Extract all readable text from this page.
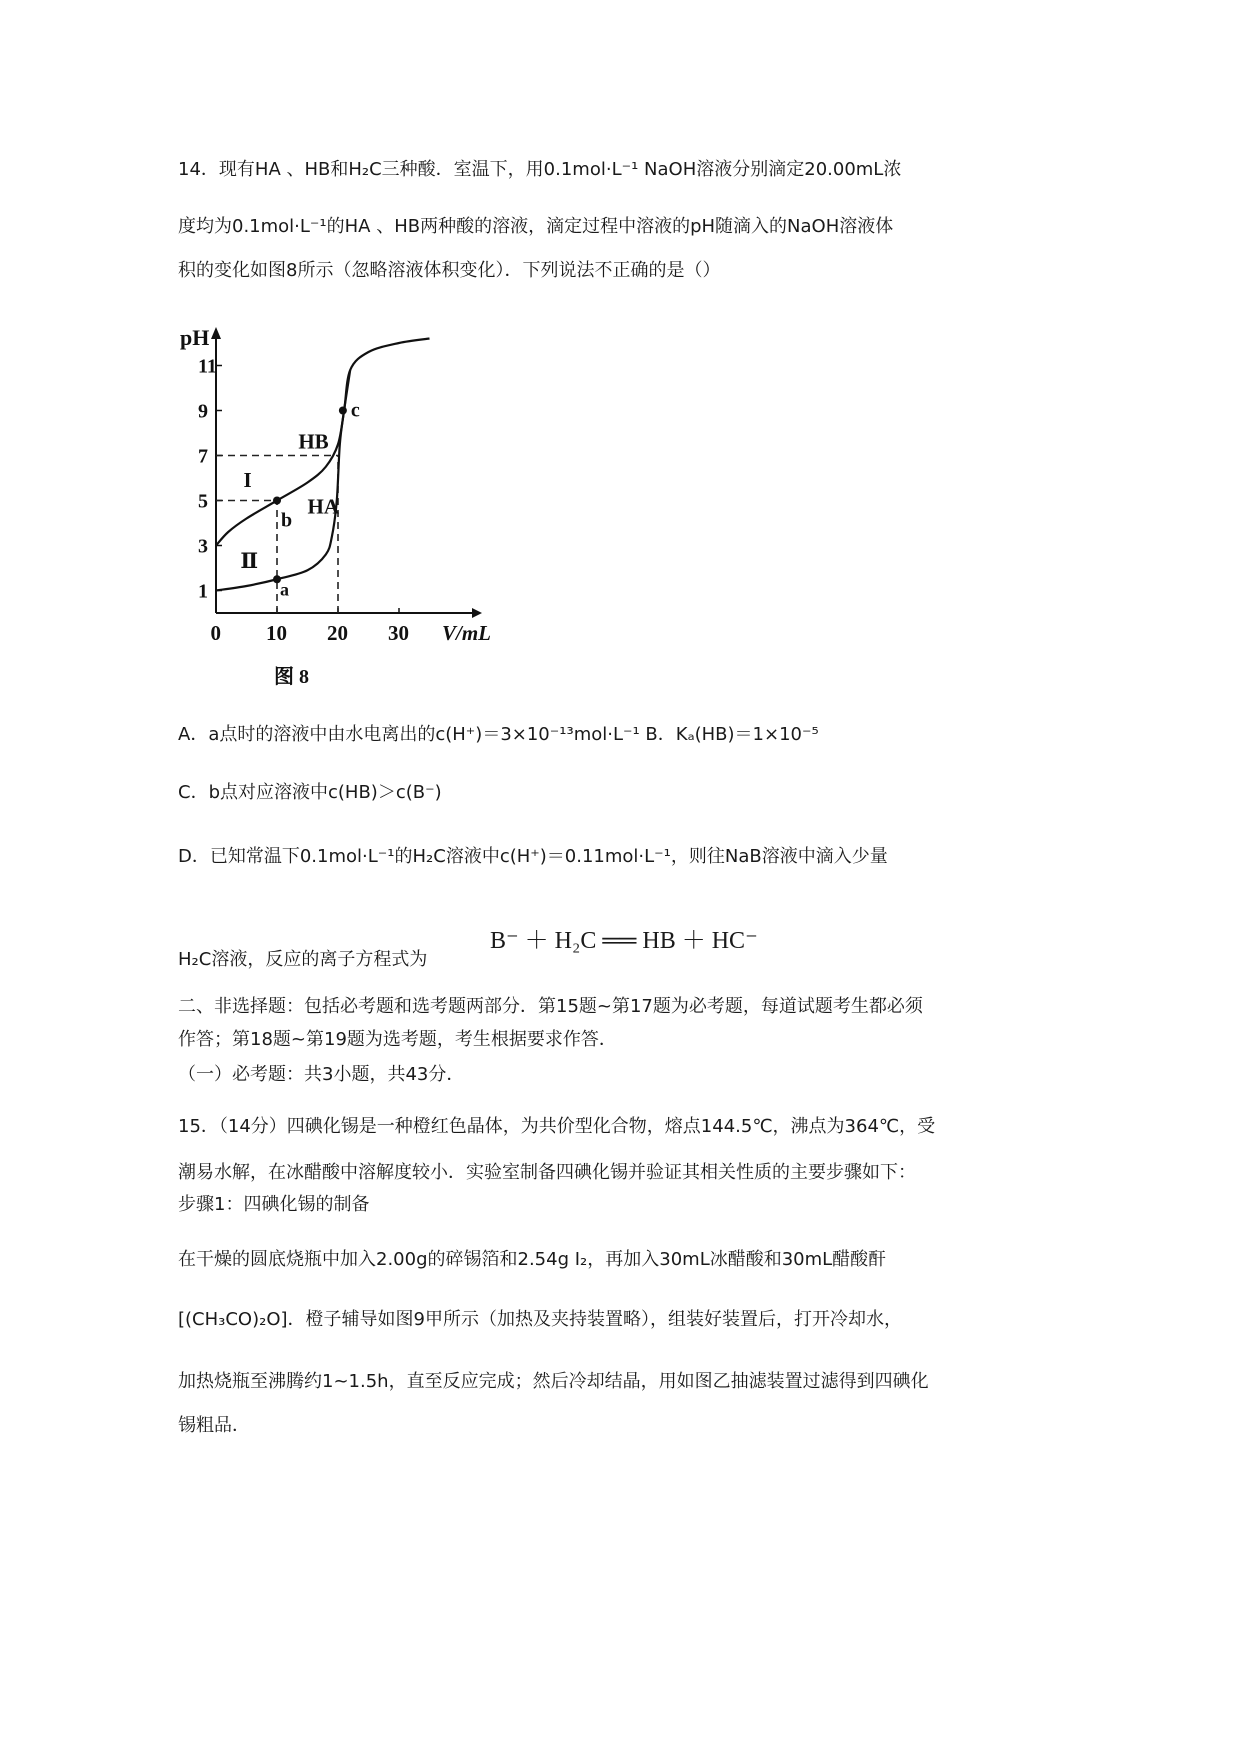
14．现有HA 、HB和H₂C三种酸．室温下，用0.1mol·L⁻¹ NaOH溶液分别滴定20.00mL浓
度均为0.1mol·L⁻¹的HA 、HB两种酸的溶液，滴定过程中溶液的pH随滴入的NaOH溶液体
积的变化如图8所示（忽略溶液体积变化）．下列说法不正确的是（）
1
3
5
7
9
11
0 10 20 30
pH
V/mL
a
b
c
HB
HA
I
Ⅱ
图 8
A．a点时的溶液中由水电离出的c(H⁺)＝3×10⁻¹³mol·L⁻¹ B．Kₐ(HB)＝1×10⁻⁵
C．b点对应溶液中c(HB)＞c(B⁻)
D．已知常温下0.1mol·L⁻¹的H₂C溶液中c(H⁺)＝0.11mol·L⁻¹，则往NaB溶液中滴入少量
B⁻ ＋ H₂C ══ HB ＋ HC⁻
H₂C溶液，反应的离子方程式为
二、非选择题：包括必考题和选考题两部分．第15题~第17题为必考题，每道试题考生都必须
作答；第18题~第19题为选考题，考生根据要求作答．
（一）必考题：共3小题，共43分．
15．（14分）四碘化锡是一种橙红色晶体，为共价型化合物，熔点144.5℃，沸点为364℃，受
潮易水解，在冰醋酸中溶解度较小．实验室制备四碘化锡并验证其相关性质的主要步骤如下：
步骤1：四碘化锡的制备
在干燥的圆底烧瓶中加入2.00g的碎锡箔和2.54g I₂，再加入30mL冰醋酸和30mL醋酸酐
[(CH₃CO)₂O]．橙子辅导如图9甲所示（加热及夹持装置略），组装好装置后，打开冷却水，
加热烧瓶至沸腾约1~1.5h，直至反应完成；然后冷却结晶，用如图乙抽滤装置过滤得到四碘化
锡粗品．
